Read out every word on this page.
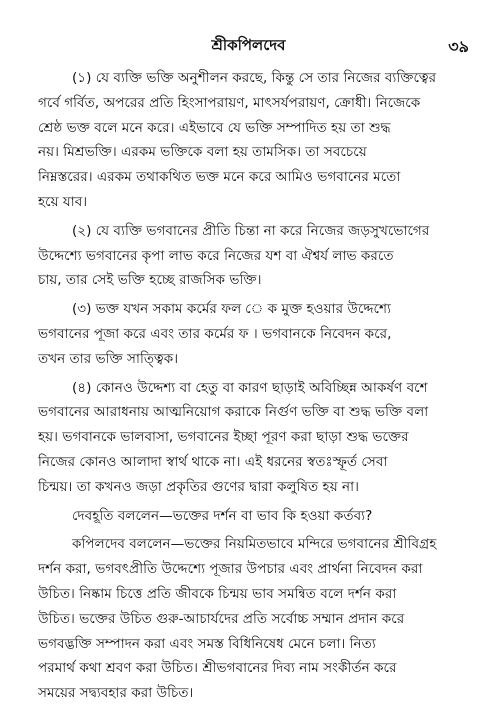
শ্রীকপিলদেব	৩৯

(১) যে ব্যক্তি ভক্তি অনুশীলন করছে, কিন্তু সে তার নিজের ব্যক্তিত্বের
গর্বে গর্বিত, অপরের প্রতি হিংসাপরায়ণ, মাৎসর্যপরায়ণ, ক্রোধী। নিজেকে
শ্রেষ্ঠ ভক্ত বলে মনে করে। এইভাবে যে ভক্তি সম্পাদিত হয় তা শুদ্ধ
নয়। মিশ্রভক্তি। এরকম ভক্তিকে বলা হয় তামসিক। তা সবচেয়ে
নিম্নস্তরের। এরকম তথাকথিত ভক্ত মনে করে আমিও ভগবানের মতো
হয়ে যাব।

(২) যে ব্যক্তি ভগবানের প্রীতি চিন্তা না করে নিজের জড়সুখভোগের
উদ্দেশ্যে ভগবানের কৃপা লাভ করে নিজের যশ বা ঐশ্বর্য লাভ করতে
চায়, তার সেই ভক্তি হচ্ছে রাজসিক ভক্তি।

(৩) ভক্ত যখন সকাম কর্মের ফল ে ক মুক্ত হওয়ার উদ্দেশ্যে
ভগবানের পূজা করে এবং তার কর্মের ফ । ভগবানকে নিবেদন করে,
তখন তার ভক্তি সাত্ত্বিক।

(৪) কোনও উদ্দেশ্য বা হেতু বা কারণ ছাড়াই অবিচ্ছিন্ন আকর্ষণ বশে
ভগবানের আরাধনায় আত্মনিয়োগ করাকে নির্গুণ ভক্তি বা শুদ্ধ ভক্তি বলা
হয়। ভগবানকে ভালবাসা, ভগবানের ইচ্ছা পূরণ করা ছাড়া শুদ্ধ ভক্তের
নিজের কোনও আলাদা স্বার্থ থাকে না। এই ধরনের স্বতঃস্ফূর্ত সেবা
চিন্ময়। তা কখনও জড়া প্রকৃতির গুণের দ্বারা কলুষিত হয় না।

দেবহূতি বললেন—ভক্তের দর্শন বা ভাব কি হওয়া কর্তব্য?

কপিলদেব বললেন—ভক্তের নিয়মিতভাবে মন্দিরে ভগবানের শ্রীবিগ্রহ
দর্শন করা, ভগবৎপ্রীতি উদ্দেশ্যে পূজার উপচার এবং প্রার্থনা নিবেদন করা
উচিত। নিষ্কাম চিত্তে প্রতি জীবকে চিন্ময় ভাব সমন্বিত বলে দর্শন করা
উচিত। ভক্তের উচিত গুরু-আচার্যদের প্রতি সর্বোচ্চ সম্মান প্রদান করে
ভগবদ্ভক্তি সম্পাদন করা এবং সমস্ত বিধিনিষেধ মেনে চলা। নিত্য
পরমার্থ কথা শ্রবণ করা উচিত। শ্রীভগবানের দিব্য নাম সংকীর্তন করে
সময়ের সদ্ব্যবহার করা উচিত।
